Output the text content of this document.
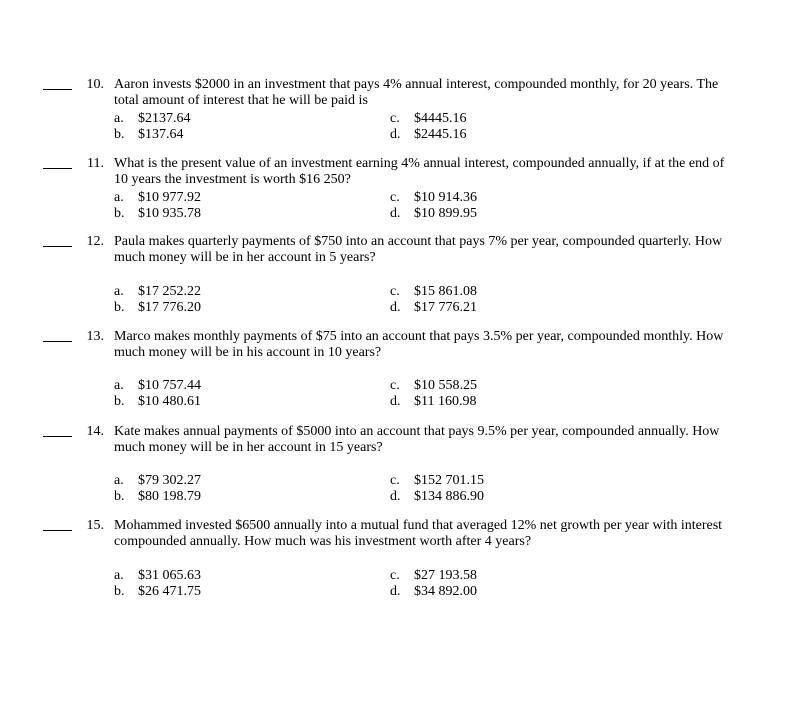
10. Aaron invests $2000 in an investment that pays 4% annual interest, compounded monthly, for 20 years. The
total amount of interest that he will be paid is
a. $2137.64
b. $137.64
c. $4445.16
d. $2445.16
11. What is the present value of an investment earning 4% annual interest, compounded annually, if at the end of
10 years the investment is worth $16 250?
a. $10 977.92
b. $10 935.78
c. $10 914.36
d. $10 899.95
12. Paula makes quarterly payments of $750 into an account that pays 7% per year, compounded quarterly. How
much money will be in her account in 5 years?
a. $17 252.22
b. $17 776.20
c. $15 861.08
d. $17 776.21
13. Marco makes monthly payments of $75 into an account that pays 3.5% per year, compounded monthly. How
much money will be in his account in 10 years?
a. $10 757.44
b. $10 480.61
c. $10 558.25
d. $11 160.98
14. Kate makes annual payments of $5000 into an account that pays 9.5% per year, compounded annually. How
much money will be in her account in 15 years?
a. $79 302.27
b. $80 198.79
c. $152 701.15
d. $134 886.90
15. Mohammed invested $6500 annually into a mutual fund that averaged 12% net growth per year with interest
compounded annually. How much was his investment worth after 4 years?
a. $31 065.63
b. $26 471.75
c. $27 193.58
d. $34 892.00
